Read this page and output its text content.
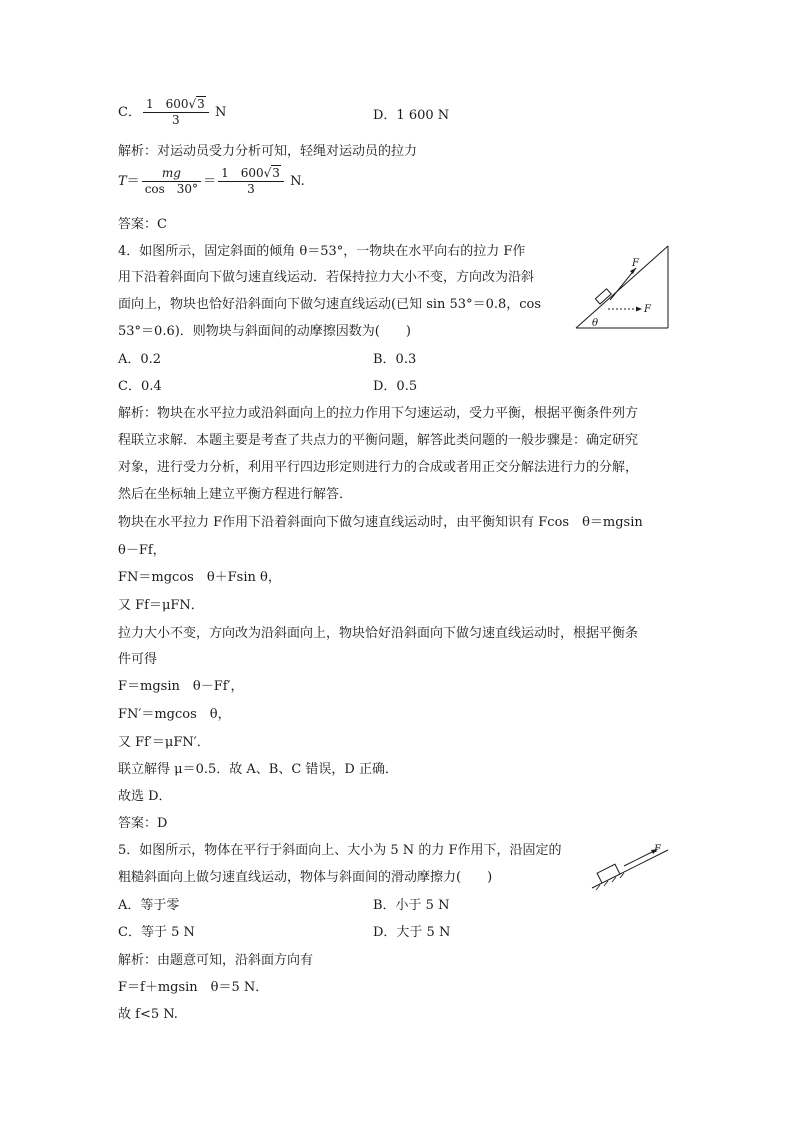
C． $\frac{1 600√3}{3}$ N	D．1 600 N
解析：对运动员受力分析可知，轻绳对运动员的拉力
$T= \frac{mg}{\cos 30^\circ} = \frac{1 600√3}{3} N$.
答案：C
4．如图所示，固定斜面的倾角 θ＝53°，一物块在水平向右的拉力 F作
用下沿着斜面向下做匀速直线运动．若保持拉力大小不变，方向改为沿斜
面向上，物块也恰好沿斜面向下做匀速直线运动(已知 sin 53°＝0.8，cos
53°＝0.6)．则物块与斜面间的动摩擦因数为(　　)
F
F
θ
A．0.2	B．0.3
C．0.4	D．0.5
解析：物块在水平拉力或沿斜面向上的拉力作用下匀速运动，受力平衡，根据平衡条件列方
程联立求解．本题主要是考查了共点力的平衡问题，解答此类问题的一般步骤是：确定研究
对象，进行受力分析，利用平行四边形定则进行力的合成或者用正交分解法进行力的分解，
然后在坐标轴上建立平衡方程进行解答．
物块在水平拉力 F作用下沿着斜面向下做匀速直线运动时，由平衡知识有 Fcos　θ＝mgsin
θ－Ff，
FN＝mgcos　θ＋Fsin θ，
又 Ff＝μFN．
拉力大小不变，方向改为沿斜面向上，物块恰好沿斜面向下做匀速直线运动时，根据平衡条
件可得
F＝mgsin　θ－Ff′，
FN′＝mgcos　θ，
又 Ff′＝μFN′．
联立解得 μ＝0.5．故 A、B、C 错误，D 正确．
故选 D．
答案：D
5．如图所示，物体在平行于斜面向上、大小为 5 N 的力 F作用下，沿固定的
粗糙斜面向上做匀速直线运动，物体与斜面间的滑动摩擦力(　　)
F
A．等于零	B．小于 5 N
C．等于 5 N	D．大于 5 N
解析：由题意可知，沿斜面方向有
F＝f＋mgsin　θ＝5 N．
故 f<5 N.
